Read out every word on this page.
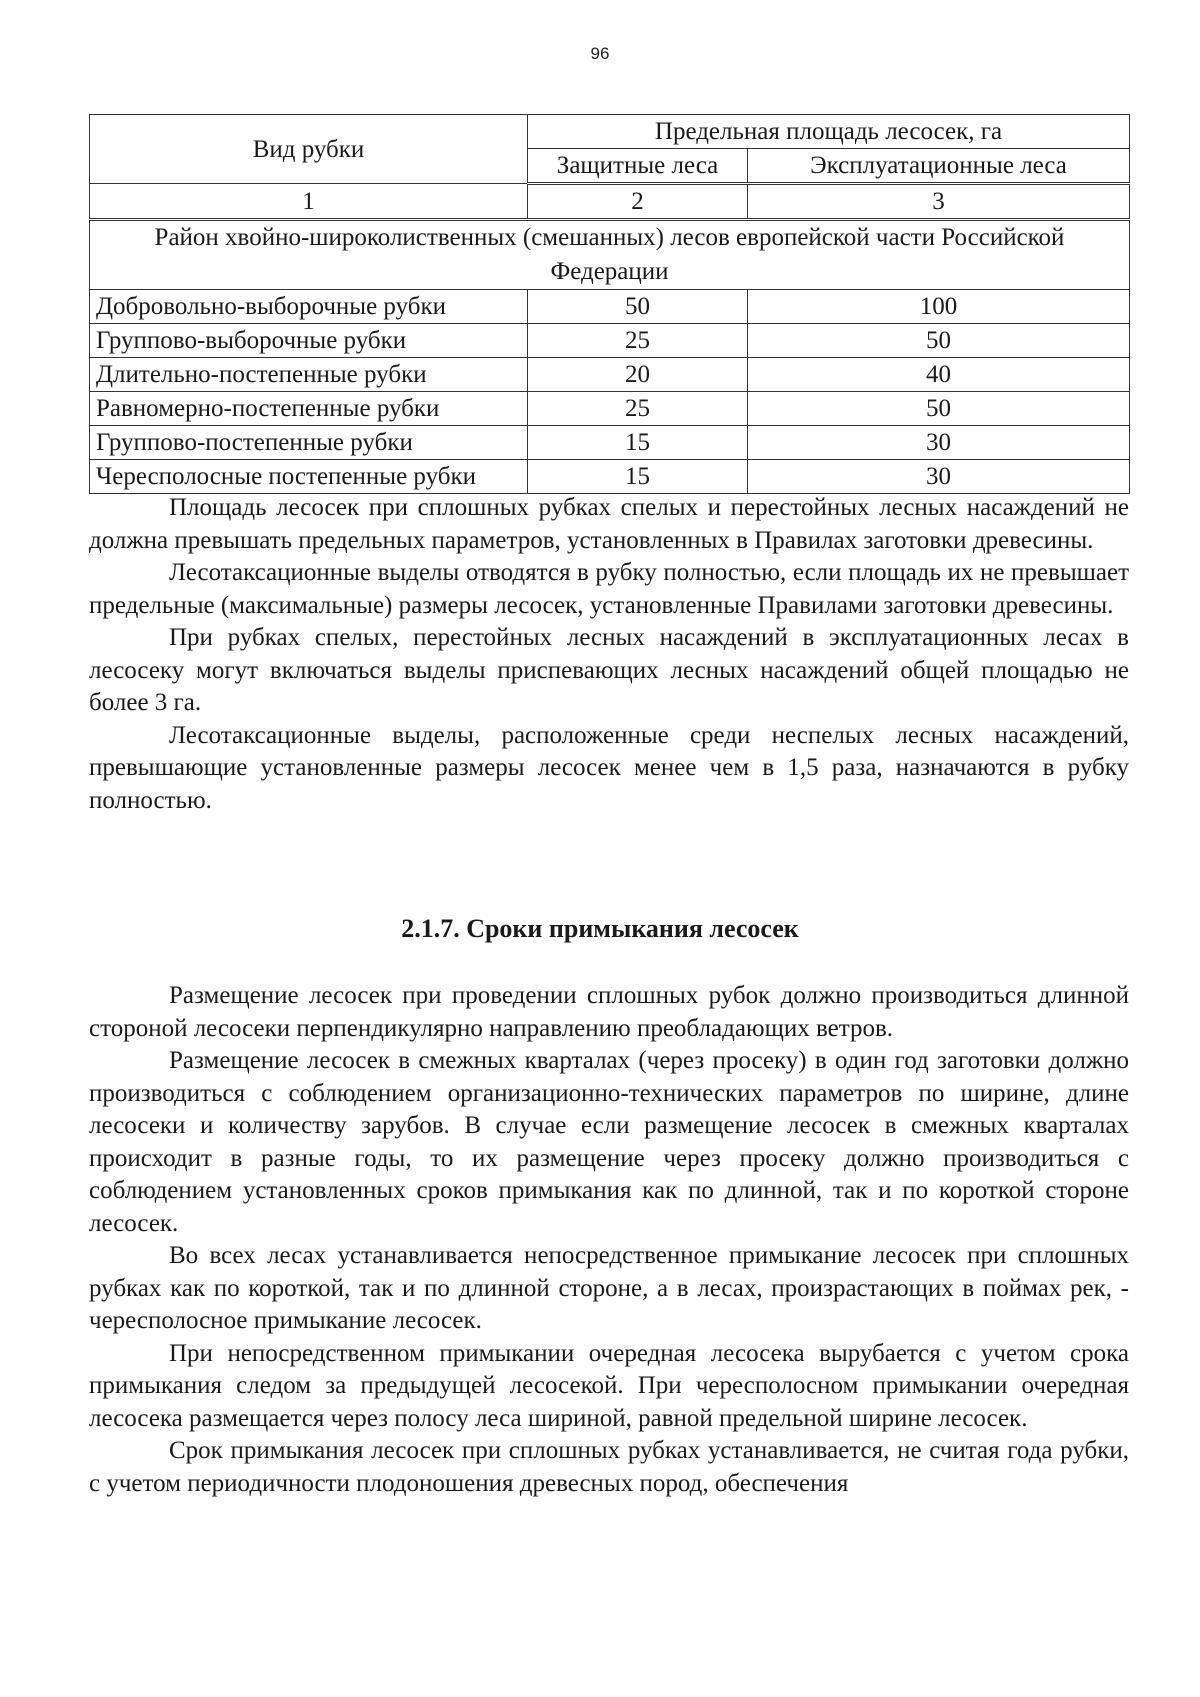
96
Вид рубки	Предельная площадь лесосек, га	
	Защитные леса	Эксплуатационные леса
1	2	3
Район хвойно-широколиственных (смешанных) лесов европейской части Российской Федерации		
Добровольно-выборочные рубки	50	100
Группово-выборочные рубки	25	50
Длительно-постепенные рубки	20	40
Равномерно-постепенные рубки	25	50
Группово-постепенные рубки	15	30
Чересполосные постепенные рубки	15	30

Площадь лесосек при сплошных рубках спелых и перестойных лесных насаждений не должна превышать предельных параметров, установленных в Правилах заготовки древесины.

Лесотаксационные выделы отводятся в рубку полностью, если площадь их не превышает предельные (максимальные) размеры лесосек, установленные Правилами заготовки древесины.

При рубках спелых, перестойных лесных насаждений в эксплуатационных лесах в лесосеку могут включаться выделы приспевающих лесных насаждений общей площадью не более 3 га.

Лесотаксационные выделы, расположенные среди неспелых лесных насаждений, превышающие установленные размеры лесосек менее чем в 1,5 раза, назначаются в рубку полностью.

2.1.7. Сроки примыкания лесосек

Размещение лесосек при проведении сплошных рубок должно производиться длинной стороной лесосеки перпендикулярно направлению преобладающих ветров.

Размещение лесосек в смежных кварталах (через просеку) в один год заготовки должно производиться с соблюдением организационно-технических параметров по ширине, длине лесосеки и количеству зарубов. В случае если размещение лесосек в смежных кварталах происходит в разные годы, то их размещение через просеку должно производиться с соблюдением установленных сроков примыкания как по длинной, так и по короткой стороне лесосек.

Во всех лесах устанавливается непосредственное примыкание лесосек при сплошных рубках как по короткой, так и по длинной стороне, а в лесах, произрастающих в поймах рек, - чересполосное примыкание лесосек.

При непосредственном примыкании очередная лесосека вырубается с учетом срока примыкания следом за предыдущей лесосекой. При чересполосном примыкании очередная лесосека размещается через полосу леса шириной, равной предельной ширине лесосек.

Срок примыкания лесосек при сплошных рубках устанавливается, не считая года рубки, с учетом периодичности плодоношения древесных пород, обеспечения
